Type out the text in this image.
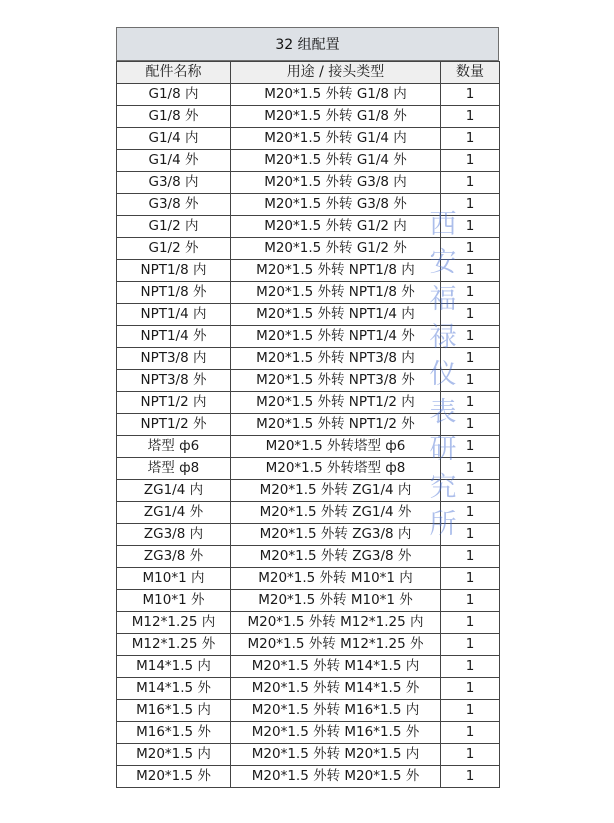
32 组配置
配件名称	用途 / 接头类型	数量
G1/8 内	M20*1.5 外转 G1/8 内	1
G1/8 外	M20*1.5 外转 G1/8 外	1
G1/4 内	M20*1.5 外转 G1/4 内	1
G1/4 外	M20*1.5 外转 G1/4 外	1
G3/8 内	M20*1.5 外转 G3/8 内	1
G3/8 外	M20*1.5 外转 G3/8 外	1
G1/2 内	M20*1.5 外转 G1/2 内	1
G1/2 外	M20*1.5 外转 G1/2 外	1
NPT1/8 内	M20*1.5 外转 NPT1/8 内	1
NPT1/8 外	M20*1.5 外转 NPT1/8 外	1
NPT1/4 内	M20*1.5 外转 NPT1/4 内	1
NPT1/4 外	M20*1.5 外转 NPT1/4 外	1
NPT3/8 内	M20*1.5 外转 NPT3/8 内	1
NPT3/8 外	M20*1.5 外转 NPT3/8 外	1
NPT1/2 内	M20*1.5 外转 NPT1/2 内	1
NPT1/2 外	M20*1.5 外转 NPT1/2 外	1
塔型 ф6	M20*1.5 外转塔型 ф6	1
塔型 ф8	M20*1.5 外转塔型 ф8	1
ZG1/4 内	M20*1.5 外转 ZG1/4 内	1
ZG1/4 外	M20*1.5 外转 ZG1/4 外	1
ZG3/8 内	M20*1.5 外转 ZG3/8 内	1
ZG3/8 外	M20*1.5 外转 ZG3/8 外	1
M10*1 内	M20*1.5 外转 M10*1 内	1
M10*1 外	M20*1.5 外转 M10*1 外	1
M12*1.25 内	M20*1.5 外转 M12*1.25 内	1
M12*1.25 外	M20*1.5 外转 M12*1.25 外	1
M14*1.5 内	M20*1.5 外转 M14*1.5 内	1
M14*1.5 外	M20*1.5 外转 M14*1.5 外	1
M16*1.5 内	M20*1.5 外转 M16*1.5 内	1
M16*1.5 外	M20*1.5 外转 M16*1.5 外	1
M20*1.5 内	M20*1.5 外转 M20*1.5 内	1
M20*1.5 外	M20*1.5 外转 M20*1.5 外	1
西
安
福
禄
仪
表
研
究
所
